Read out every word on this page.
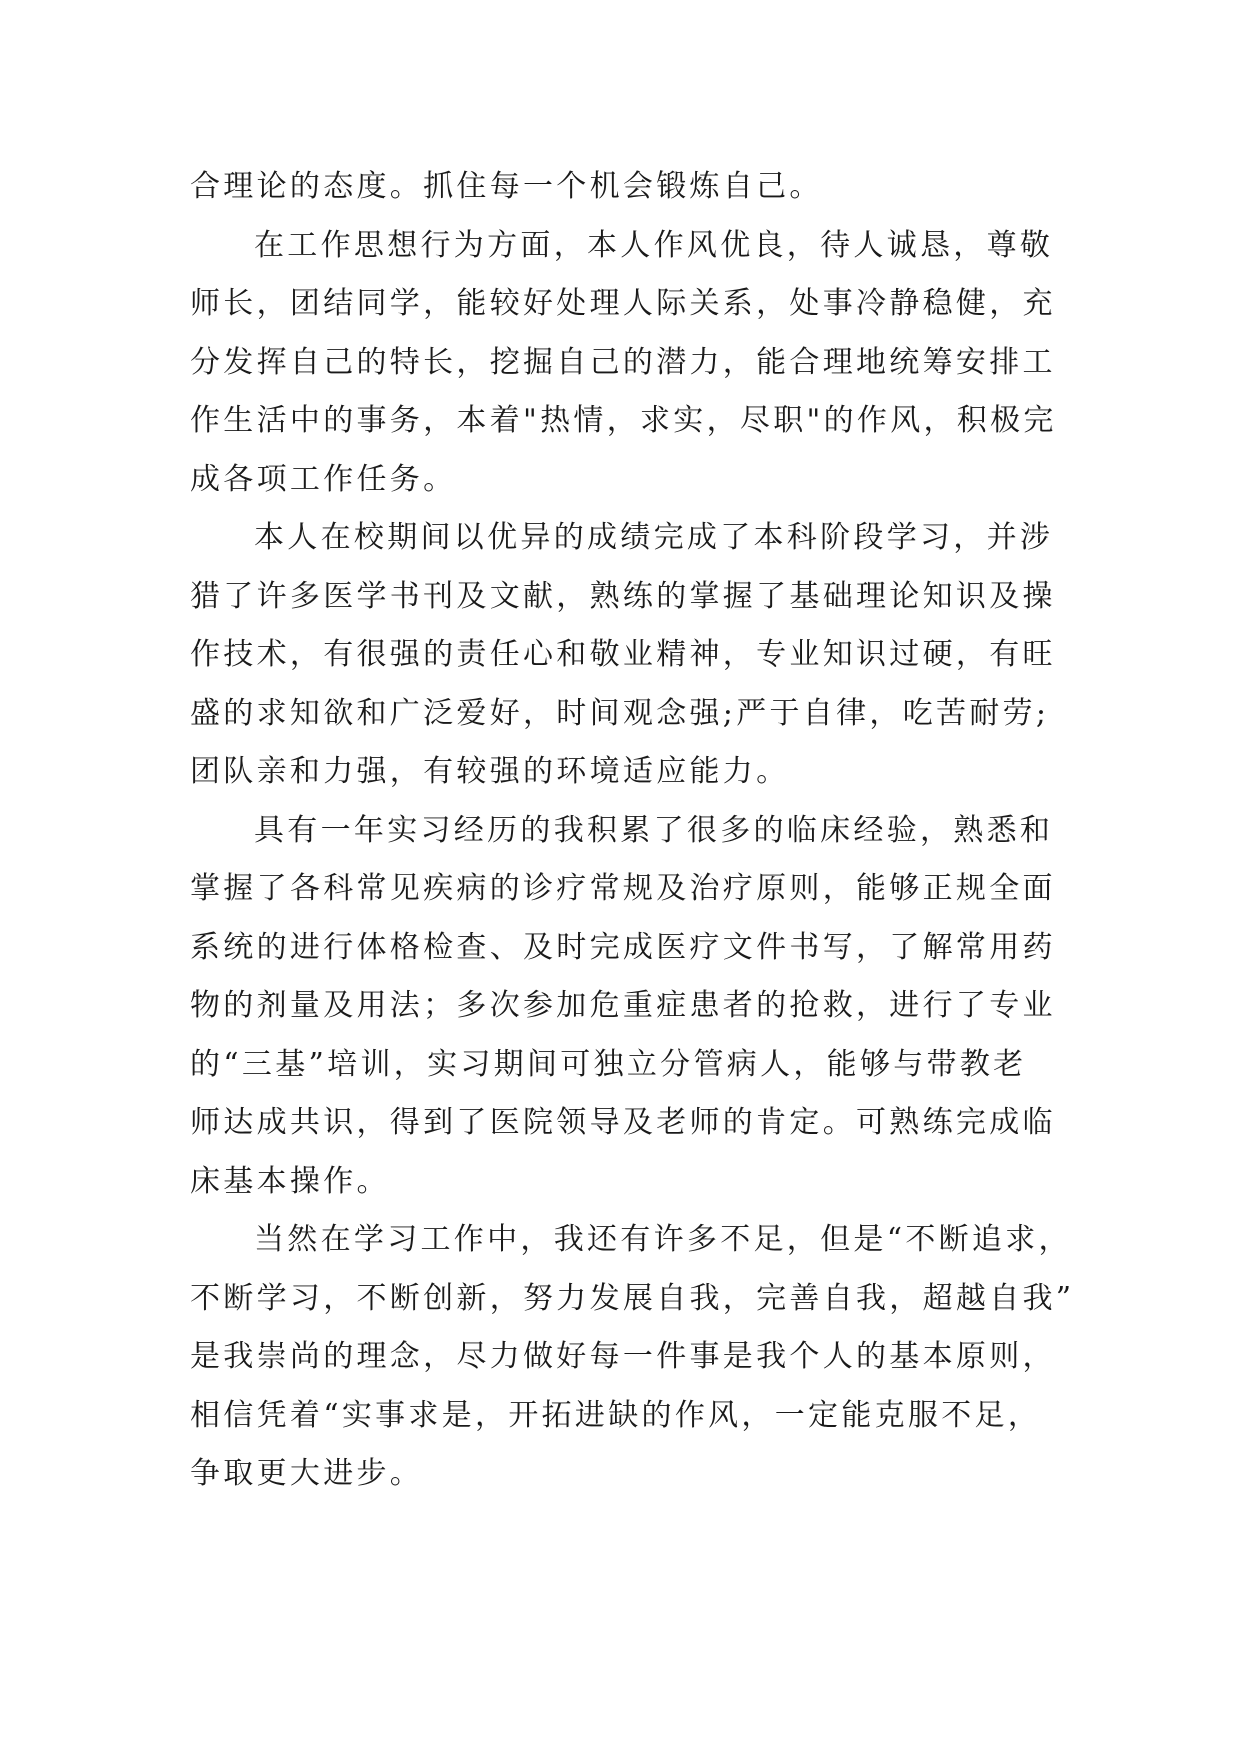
合理论的态度。抓住每一个机会锻炼自己。

在工作思想行为方面，本人作风优良，待人诚恳，尊敬
师长，团结同学，能较好处理人际关系，处事冷静稳健，充
分发挥自己的特长，挖掘自己的潜力，能合理地统筹安排工
作生活中的事务，本着"热情，求实，尽职"的作风，积极完
成各项工作任务。

本人在校期间以优异的成绩完成了本科阶段学习，并涉
猎了许多医学书刊及文献，熟练的掌握了基础理论知识及操
作技术，有很强的责任心和敬业精神，专业知识过硬，有旺
盛的求知欲和广泛爱好，时间观念强;严于自律，吃苦耐劳;
团队亲和力强，有较强的环境适应能力。

具有一年实习经历的我积累了很多的临床经验，熟悉和
掌握了各科常见疾病的诊疗常规及治疗原则，能够正规全面
系统的进行体格检查、及时完成医疗文件书写，了解常用药
物的剂量及用法；多次参加危重症患者的抢救，进行了专业
的“三基”培训，实习期间可独立分管病人，能够与带教老
师达成共识，得到了医院领导及老师的肯定。可熟练完成临
床基本操作。

当然在学习工作中，我还有许多不足，但是“不断追求，
不断学习，不断创新，努力发展自我，完善自我，超越自我”
是我崇尚的理念，尽力做好每一件事是我个人的基本原则，
相信凭着“实事求是，开拓进缺的作风，一定能克服不足，
争取更大进步。
